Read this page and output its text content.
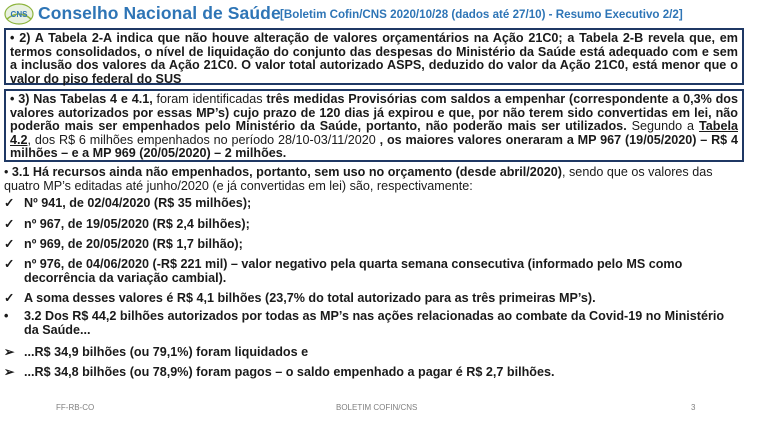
CNS Conselho Nacional de Saúde [Boletim Cofin/CNS 2020/10/28 (dados até 27/10) - Resumo Executivo 2/2]
• 2) A Tabela 2-A indica que não houve alteração de valores orçamentários na Ação 21C0; a Tabela 2-B revela que, em termos consolidados, o nível de liquidação do conjunto das despesas do Ministério da Saúde está adequado com e sem a inclusão dos valores da Ação 21C0. O valor total autorizado ASPS, deduzido do valor da Ação 21C0, está menor que o valor do piso federal do SUS
• 3) Nas Tabelas 4 e 4.1, foram identificadas três medidas Provisórias com saldos a empenhar (correspondente a 0,3% dos valores autorizados por essas MP’s) cujo prazo de 120 dias já expirou e que, por não terem sido convertidas em lei, não poderão mais ser empenhados pelo Ministério da Saúde, portanto, não poderão mais ser utilizados. Segundo a Tabela 4.2, dos R$ 6 milhões empenhados no período 28/10-03/11/2020 , os maiores valores oneraram a MP 967 (19/05/2020) – R$ 4 milhões – e a MP 969 (20/05/2020) – 2 milhões.
• 3.1 Há recursos ainda não empenhados, portanto, sem uso no orçamento (desde abril/2020), sendo que os valores das quatro MP’s editadas até junho/2020 (e já convertidas em lei) são, respectivamente:
✓ Nº 941, de 02/04/2020 (R$ 35 milhões);
✓ nº 967, de 19/05/2020 (R$ 2,4 bilhões);
✓ nº 969, de 20/05/2020 (R$ 1,7 bilhão);
✓ nº 976, de 04/06/2020 (-R$ 221 mil) – valor negativo pela quarta semana consecutiva (informado pelo MS como decorrência da variação cambial).
✓ A soma desses valores é R$ 4,1 bilhões (23,7% do total autorizado para as três primeiras MP’s).
•	3.2 Dos R$ 44,2 bilhões autorizados por todas as MP’s nas ações relacionadas ao combate da Covid-19 no Ministério da Saúde...
➢ ...R$ 34,9 bilhões (ou 79,1%) foram liquidados e
➢ ...R$ 34,8 bilhões (ou 78,9%) foram pagos – o saldo empenhado a pagar é R$ 2,7 bilhões.
FF-RB-CO	BOLETIM COFIN/CNS	3
